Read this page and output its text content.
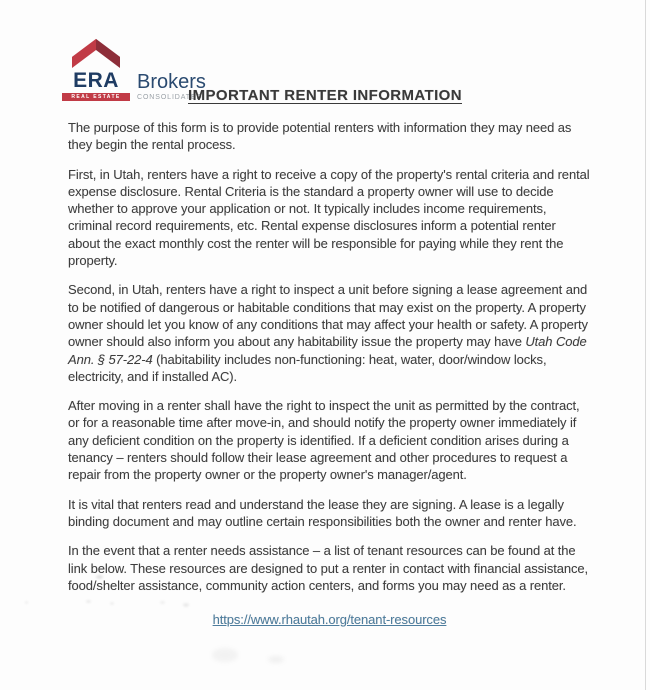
ERA
REAL ESTATE
Brokers
CONSOLIDATED
IMPORTANT RENTER INFORMATION

The purpose of this form is to provide potential renters with information they may need as they begin the rental process.

First, in Utah, renters have a right to receive a copy of the property's rental criteria and rental expense disclosure. Rental Criteria is the standard a property owner will use to decide whether to approve your application or not. It typically includes income requirements, criminal record requirements, etc. Rental expense disclosures inform a potential renter about the exact monthly cost the renter will be responsible for paying while they rent the property.

Second, in Utah, renters have a right to inspect a unit before signing a lease agreement and to be notified of dangerous or habitable conditions that may exist on the property. A property owner should let you know of any conditions that may affect your health or safety. A property owner should also inform you about any habitability issue the property may have Utah Code Ann. § 57-22-4 (habitability includes non-functioning: heat, water, door/window locks, electricity, and if installed AC).

After moving in a renter shall have the right to inspect the unit as permitted by the contract, or for a reasonable time after move-in, and should notify the property owner immediately if any deficient condition on the property is identified. If a deficient condition arises during a tenancy – renters should follow their lease agreement and other procedures to request a repair from the property owner or the property owner's manager/agent.

It is vital that renters read and understand the lease they are signing. A lease is a legally binding document and may outline certain responsibilities both the owner and renter have.

In the event that a renter needs assistance – a list of tenant resources can be found at the link below. These resources are designed to put a renter in contact with financial assistance, food/shelter assistance, community action centers, and forms you may need as a renter.

https://www.rhautah.org/tenant-resources
